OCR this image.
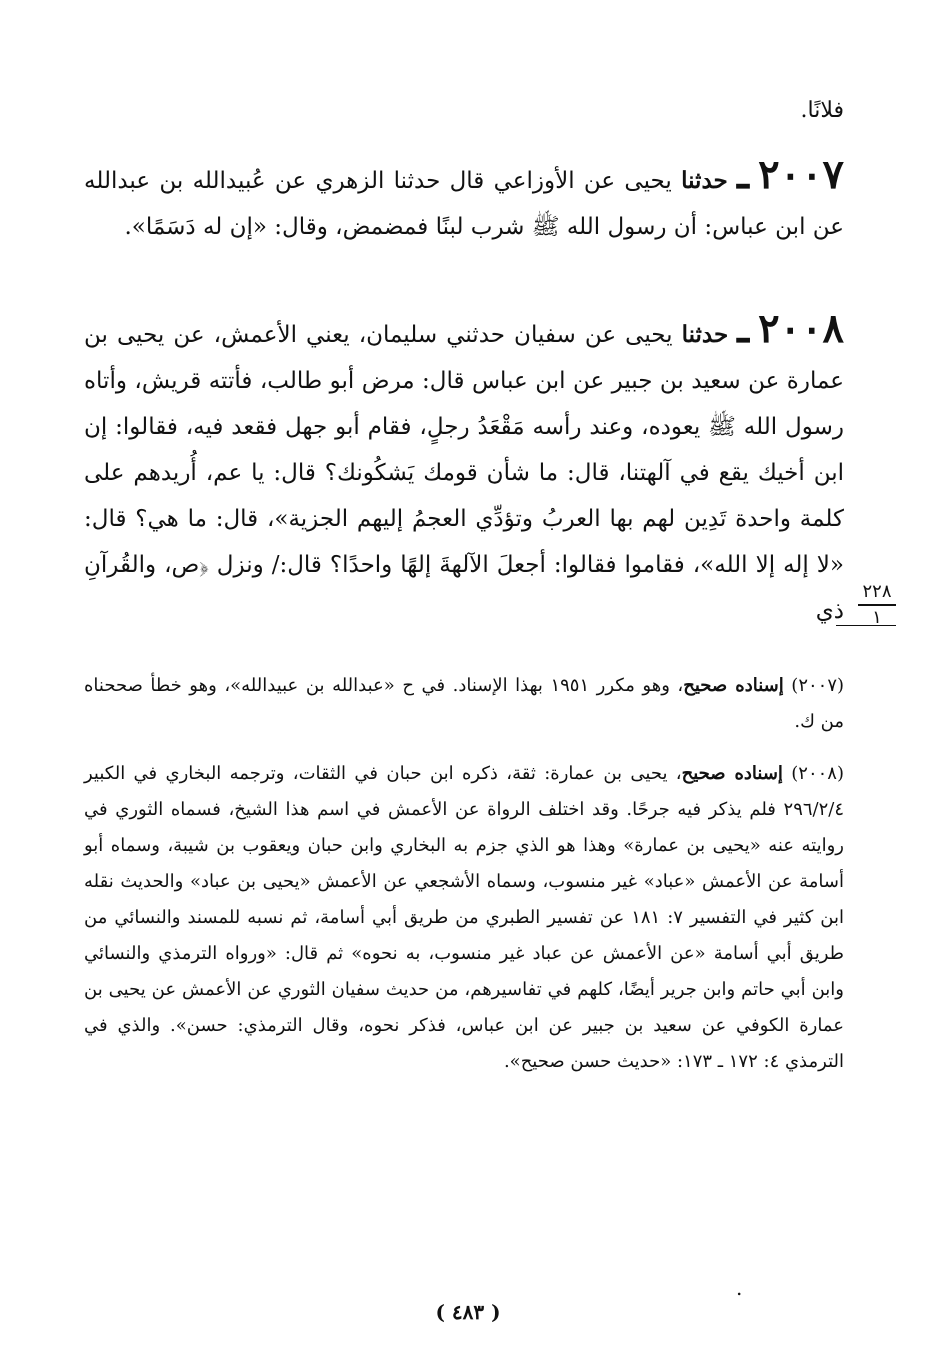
فلانًا.
٢٠٠٧ ـ حدثنا يحيى عن الأوزاعي قال حدثنا الزهري عن عُبيدالله بن عبدالله عن ابن عباس: أن رسول الله ﷺ شرب لبنًا فمضمض، وقال: «إن له دَسَمًا».
٢٠٠٨ ـ حدثنا يحيى عن سفيان حدثني سليمان، يعني الأعمش، عن يحيى بن عمارة عن سعيد بن جبير عن ابن عباس قال: مرض أبو طالب، فأتته قريش، وأتاه رسول الله ﷺ يعوده، وعند رأسه مَقْعَدُ رجلٍ، فقام أبو جهل فقعد فيه، فقالوا: إن ابن أخيك يقع في آلهتنا، قال: ما شأن قومك يَشكُونك؟ قال: يا عم، أُريدهم على كلمة واحدة تَدِين لهم بها العربُ وتؤدِّي العجمُ إليهم الجزية»، قال: ما هي؟ قال: «لا إله إلا الله»، فقاموا فقالوا: أجعلَ الآلهةَ إلهًا واحدًا؟ قال:/ ونزل ﴿ص، والقُرآنِ ذي
٢٢٨
١
(٢٠٠٧) إسناده صحيح، وهو مكرر ١٩٥١ بهذا الإسناد. في ح «عبدالله بن عبيدالله»، وهو خطأ صححناه من ك.
(٢٠٠٨) إسناده صحيح، يحيى بن عمارة: ثقة، ذكره ابن حبان في الثقات، وترجمه البخاري في الكبير ٢٩٦/٢/٤ فلم يذكر فيه جرحًا. وقد اختلف الرواة عن الأعمش في اسم هذا الشيخ، فسماه الثوري في روايته عنه «يحيى بن عمارة» وهذا هو الذي جزم به البخاري وابن حبان ويعقوب بن شيبة، وسماه أبو أسامة عن الأعمش «عباد» غير منسوب، وسماه الأشجعي عن الأعمش «يحيى بن عباد» والحديث نقله ابن كثير في التفسير ٧: ١٨١ عن تفسير الطبري من طريق أبي أسامة، ثم نسبه للمسند والنسائي من طريق أبي أسامة «عن الأعمش عن عباد غير منسوب، به نحوه» ثم قال: «ورواه الترمذي والنسائي وابن أبي حاتم وابن جرير أيضًا، كلهم في تفاسيرهم، من حديث سفيان الثوري عن الأعمش عن يحيى بن عمارة الكوفي عن سعيد بن جبير عن ابن عباس، فذكر نحوه، وقال الترمذي: حسن». والذي في الترمذي ٤: ١٧٢ ـ ١٧٣: «حديث حسن صحيح».
.
( ٤٨٣ )
